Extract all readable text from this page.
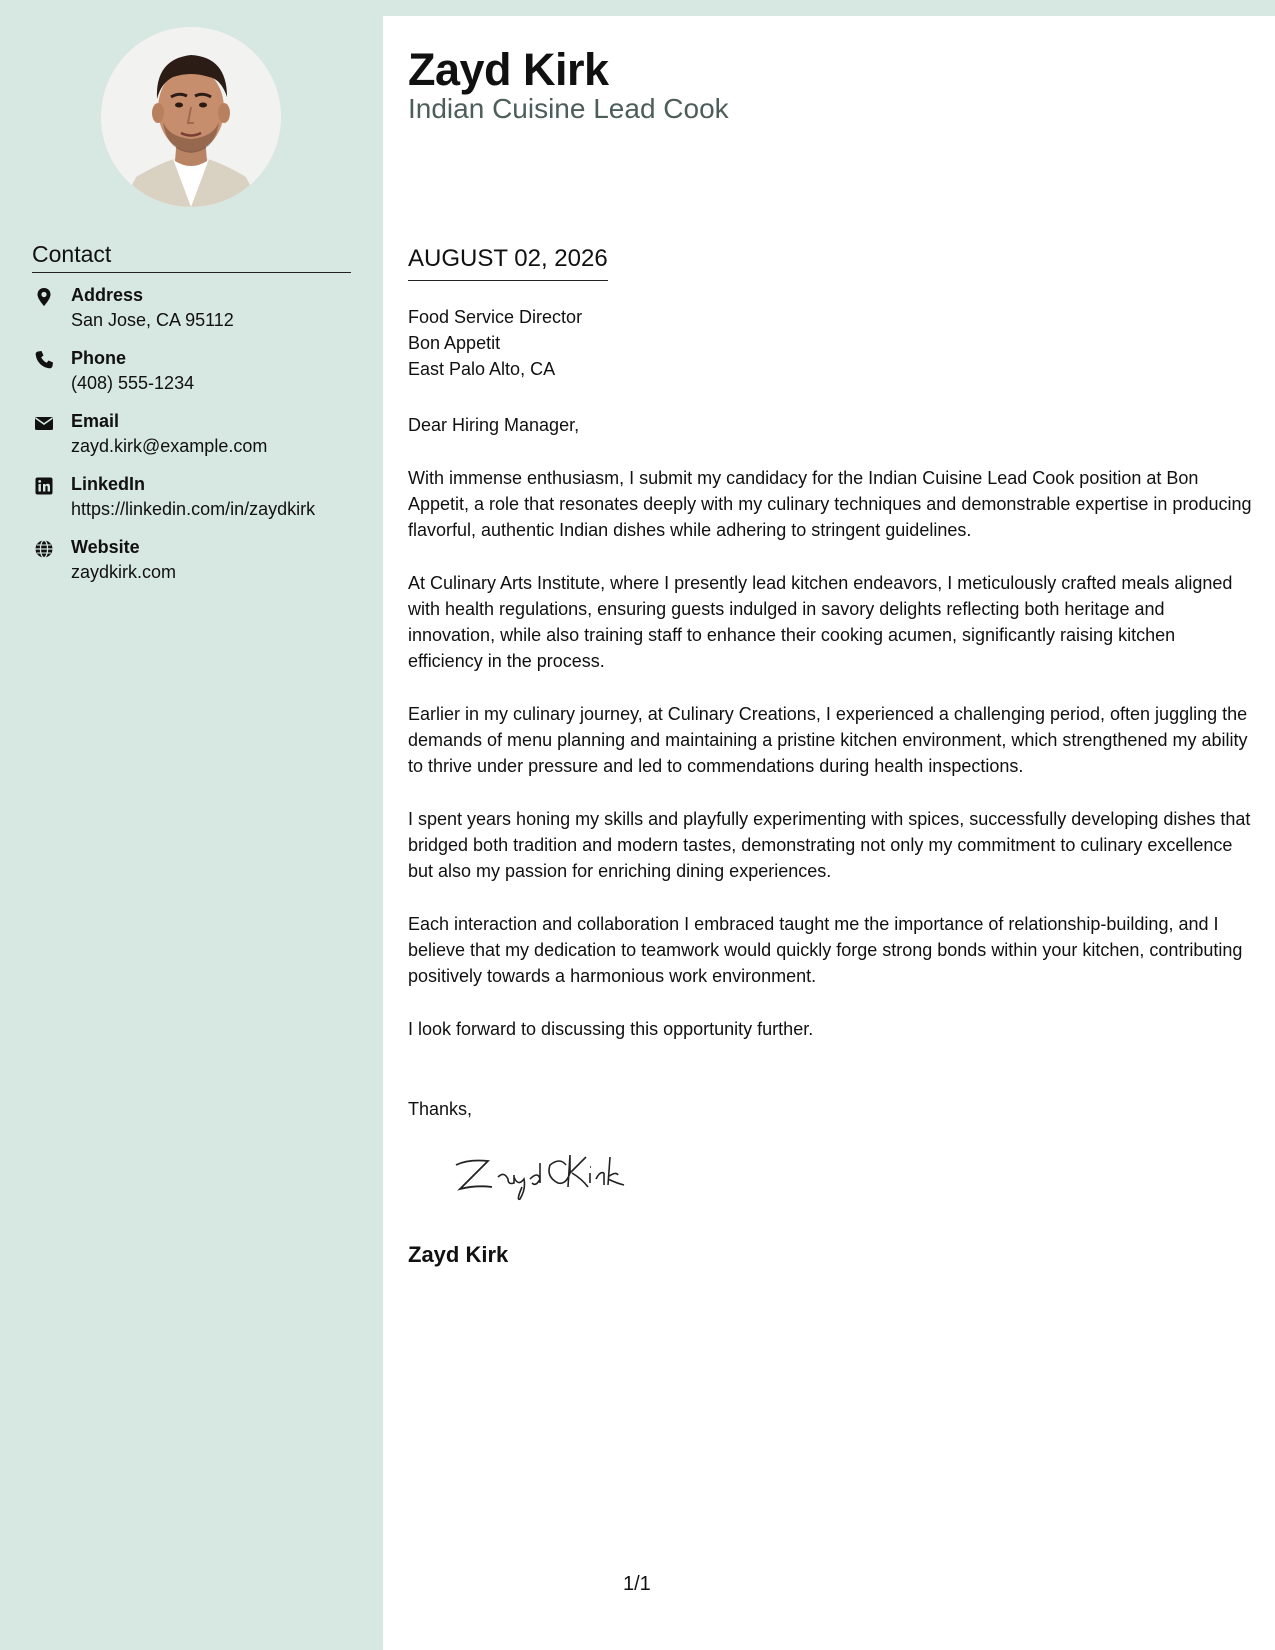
Contact
Address
San Jose, CA 95112
Phone
(408) 555-1234
Email
zayd.kirk@example.com
LinkedIn
https://linkedin.com/in/zaydkirk
Website
zaydkirk.com
Zayd Kirk
Indian Cuisine Lead Cook
AUGUST 02, 2026
Food Service Director
Bon Appetit
East Palo Alto, CA

Dear Hiring Manager,

With immense enthusiasm, I submit my candidacy for the Indian Cuisine Lead Cook position at Bon Appetit, a role that resonates deeply with my culinary techniques and demonstrable expertise in producing flavorful, authentic Indian dishes while adhering to stringent guidelines.

At Culinary Arts Institute, where I presently lead kitchen endeavors, I meticulously crafted meals aligned with health regulations, ensuring guests indulged in savory delights reflecting both heritage and innovation, while also training staff to enhance their cooking acumen, significantly raising kitchen efficiency in the process.

Earlier in my culinary journey, at Culinary Creations, I experienced a challenging period, often juggling the demands of menu planning and maintaining a pristine kitchen environment, which strengthened my ability to thrive under pressure and led to commendations during health inspections.

I spent years honing my skills and playfully experimenting with spices, successfully developing dishes that bridged both tradition and modern tastes, demonstrating not only my commitment to culinary excellence but also my passion for enriching dining experiences.

Each interaction and collaboration I embraced taught me the importance of relationship-building, and I believe that my dedication to teamwork would quickly forge strong bonds within your kitchen, contributing positively towards a harmonious work environment.

I look forward to discussing this opportunity further.

Thanks,
Zayd Kirk
1/1
